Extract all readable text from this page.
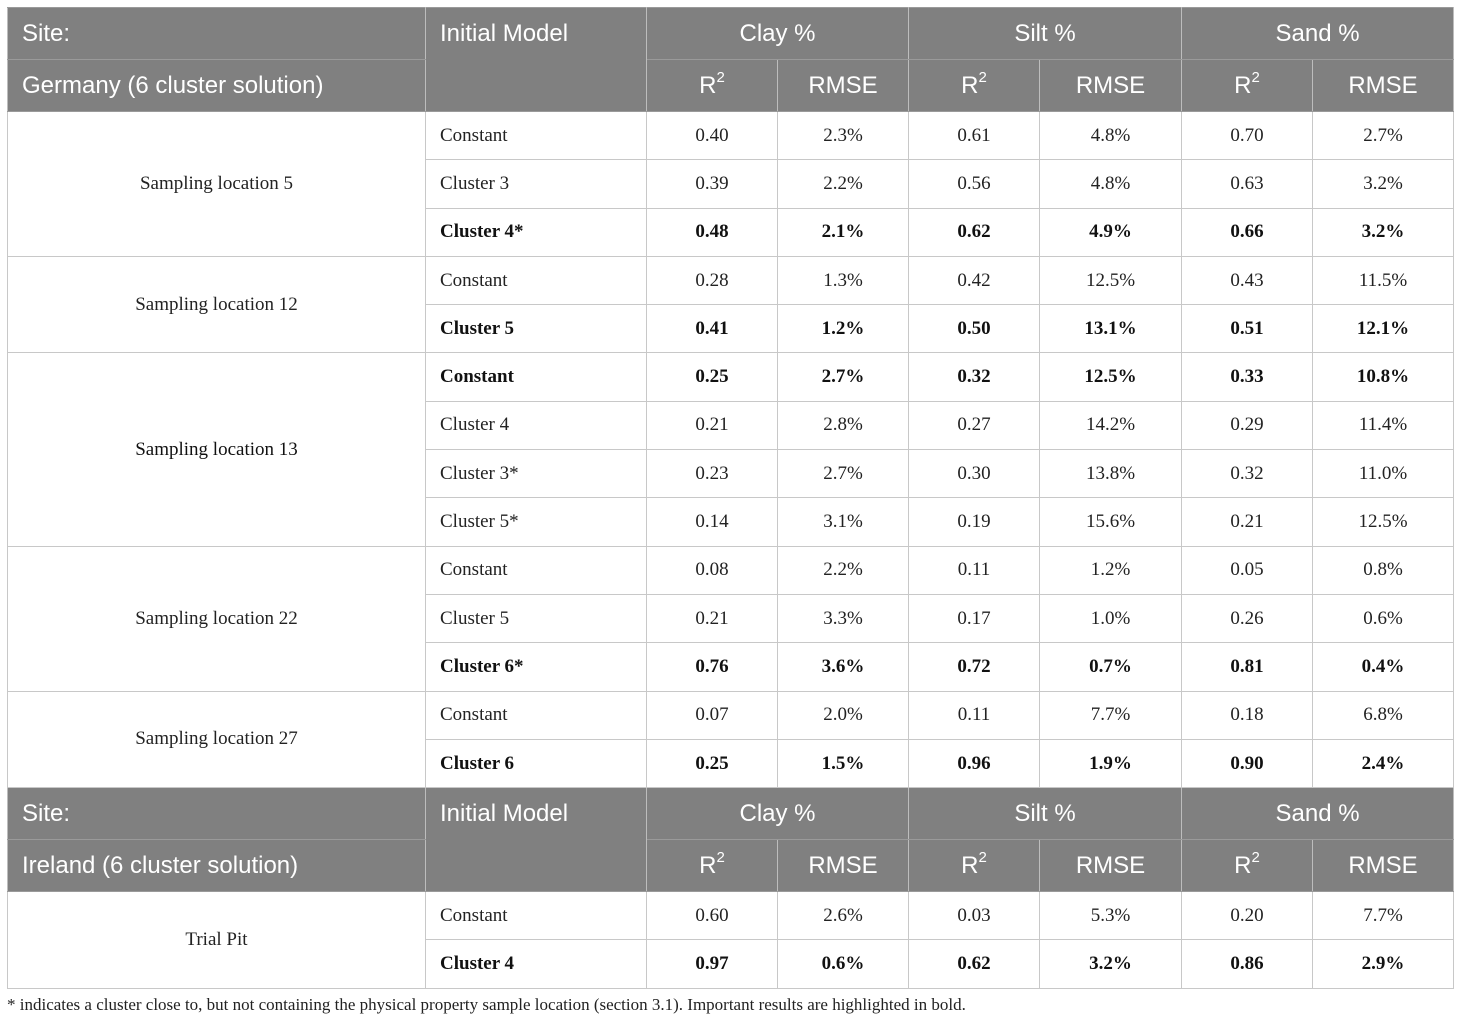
Site:	Initial Model	Clay %		Silt %		Sand %	
Germany (6 cluster solution)		$R^2$	RMSE	$R^2$	RMSE	$R^2$	RMSE
Sampling location 5	Constant	0.40	2.3%	0.61	4.8%	0.70	2.7%
	Cluster 3	0.39	2.2%	0.56	4.8%	0.63	3.2%
	Cluster 4*	0.48	2.1%	0.62	4.9%	0.66	3.2%
Sampling location 12	Constant	0.28	1.3%	0.42	12.5%	0.43	11.5%
	Cluster 5	0.41	1.2%	0.50	13.1%	0.51	12.1%
Sampling location 13	Constant	0.25	2.7%	0.32	12.5%	0.33	10.8%
	Cluster 4	0.21	2.8%	0.27	14.2%	0.29	11.4%
	Cluster 3*	0.23	2.7%	0.30	13.8%	0.32	11.0%
	Cluster 5*	0.14	3.1%	0.19	15.6%	0.21	12.5%
Sampling location 22	Constant	0.08	2.2%	0.11	1.2%	0.05	0.8%
	Cluster 5	0.21	3.3%	0.17	1.0%	0.26	0.6%
	Cluster 6*	0.76	3.6%	0.72	0.7%	0.81	0.4%
Sampling location 27	Constant	0.07	2.0%	0.11	7.7%	0.18	6.8%
	Cluster 6	0.25	1.5%	0.96	1.9%	0.90	2.4%
Site:	Initial Model	Clay %		Silt %		Sand %	
Ireland (6 cluster solution)		$R^2$	RMSE	$R^2$	RMSE	$R^2$	RMSE
Trial Pit	Constant	0.60	2.6%	0.03	5.3%	0.20	7.7%
	Cluster 4	0.97	0.6%	0.62	3.2%	0.86	2.9%
* indicates a cluster close to, but not containing the physical property sample location (section 3.1). Important results are highlighted in bold.
